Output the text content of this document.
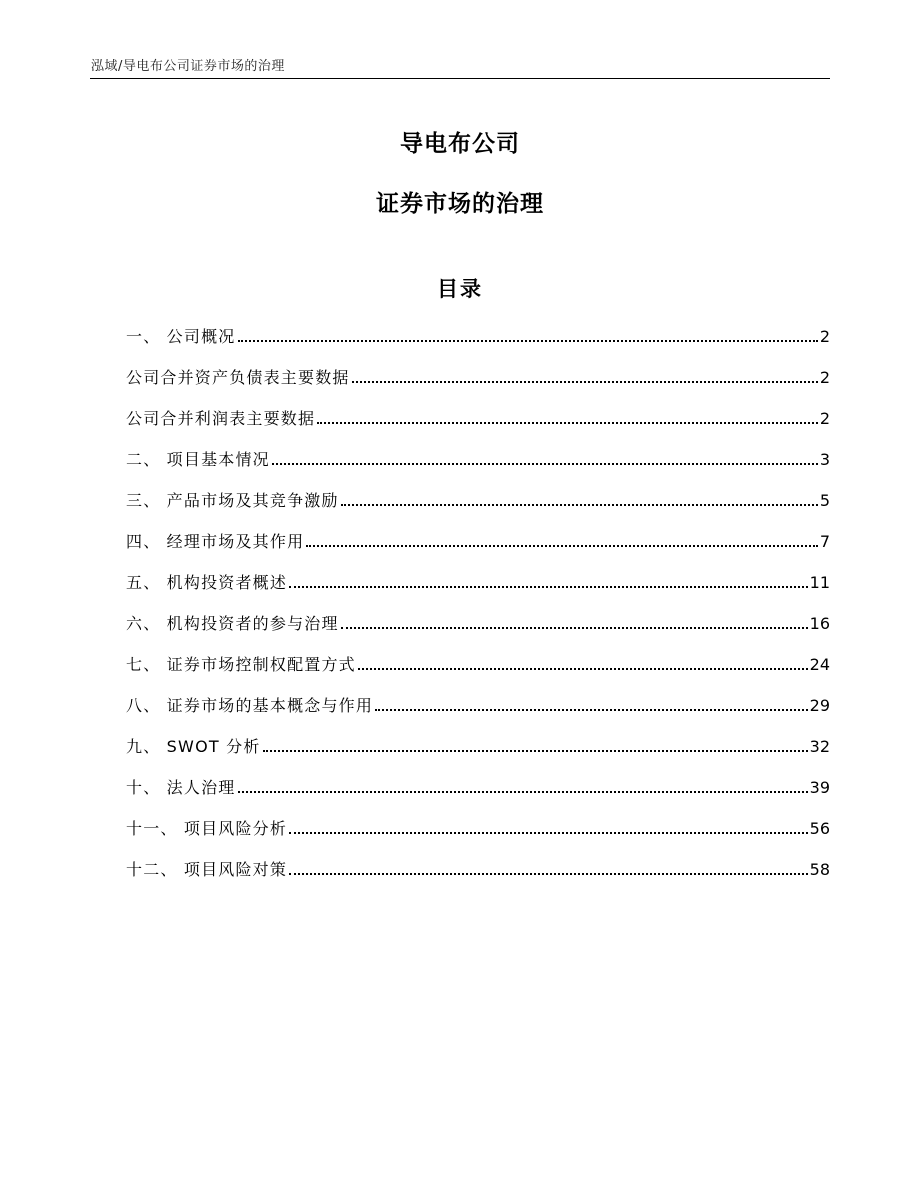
泓域/导电布公司证券市场的治理
导电布公司
证券市场的治理
目录
一、 公司概况	2
公司合并资产负债表主要数据	2
公司合并利润表主要数据	2
二、 项目基本情况	3
三、 产品市场及其竞争激励	5
四、 经理市场及其作用	7
五、 机构投资者概述	11
六、 机构投资者的参与治理	16
七、 证券市场控制权配置方式	24
八、 证券市场的基本概念与作用	29
九、 SWOT 分析	32
十、 法人治理	39
十一、 项目风险分析	56
十二、 项目风险对策	58
